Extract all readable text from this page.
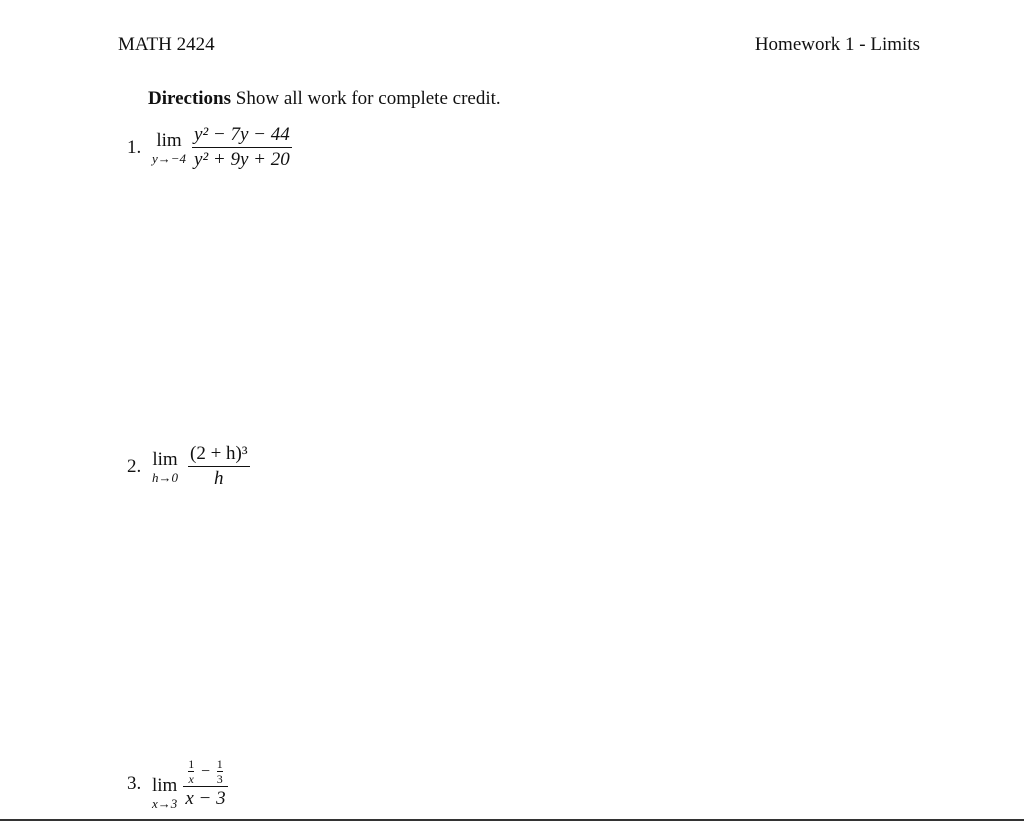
MATH 2424	Homework 1 - Limits
Directions Show all work for complete credit.
1. lim
$y\to-4 \frac{\text{y² − 7y − 44}}{\text{y² + 9y + 20}}$
2. lim
$h\to 0 \frac{\text{(2 + h)³}}{h}$
3. lim
x→3
$\frac{1}{x} - \frac{1}{3}$
x − 3
